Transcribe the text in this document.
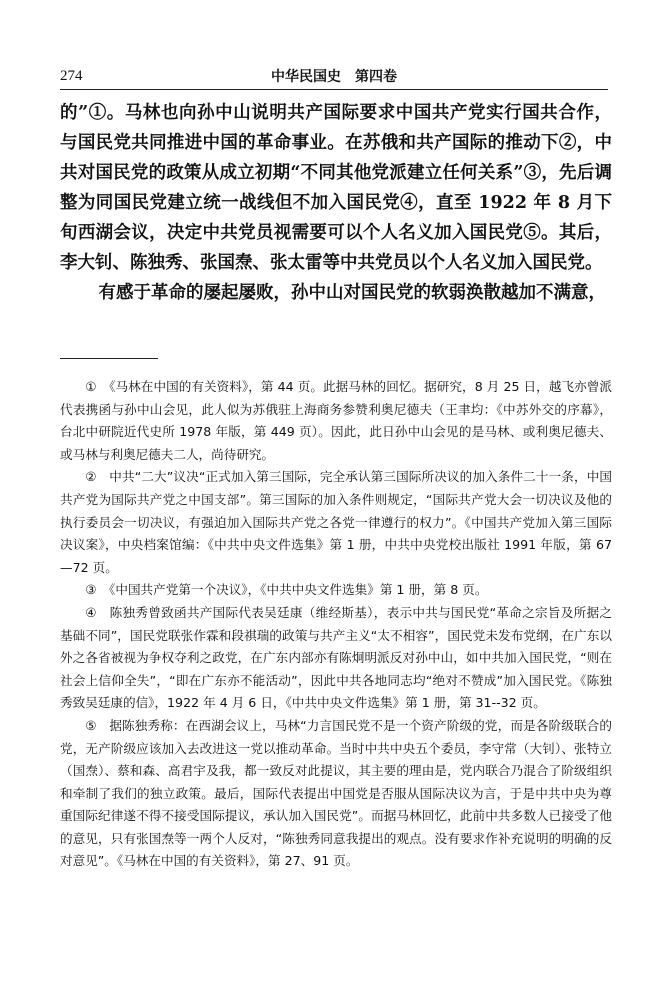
274	中华民国史　第四卷

的”①。马林也向孙中山说明共产国际要求中国共产党实行国共合作，与国民党共同推进中国的革命事业。在苏俄和共产国际的推动下②，中共对国民党的政策从成立初期“不同其他党派建立任何关系”③，先后调整为同国民党建立统一战线但不加入国民党④，直至 1922 年 8 月下旬西湖会议，决定中共党员视需要可以个人名义加入国民党⑤。其后，李大钊、陈独秀、张国焘、张太雷等中共党员以个人名义加入国民党。

有感于革命的屡起屡败，孙中山对国民党的软弱涣散越加不满意，

①　《马林在中国的有关资料》，第 44 页。此据马林的回忆。据研究，8 月 25 日，越飞亦曾派代表携函与孙中山会见，此人似为苏俄驻上海商务参赞利奥尼德夫（王聿均：《中苏外交的序幕》，台北中研院近代史所 1978 年版，第 449 页）。因此，此日孙中山会见的是马林、或利奥尼德夫、或马林与利奥尼德夫二人，尚待研究。

②　中共“二大”议决“正式加入第三国际，完全承认第三国际所决议的加入条件二十一条，中国共产党为国际共产党之中国支部”。第三国际的加入条件则规定，“国际共产党大会一切决议及他的执行委员会一切决议，有强迫加入国际共产党之各党一律遵行的权力”。《中国共产党加入第三国际决议案》，中央档案馆编：《中共中央文件选集》第 1 册，中共中央党校出版社 1991 年版，第 67—72 页。

③　《中国共产党第一个决议》，《中共中央文件选集》第 1 册，第 8 页。

④　陈独秀曾致函共产国际代表吴廷康（维经斯基），表示中共与国民党“革命之宗旨及所据之基础不同”，国民党联张作霖和段祺瑞的政策与共产主义“太不相容”，国民党未发布党纲，在广东以外之各省被视为争权夺利之政党，在广东内部亦有陈炯明派反对孙中山，如中共加入国民党，“则在社会上信仰全失”，“即在广东亦不能活动”，因此中共各地同志均“绝对不赞成”加入国民党。《陈独秀致吴廷康的信》，1922 年 4 月 6 日，《中共中央文件选集》第 1 册，第 31--32 页。

⑤　据陈独秀称：在西湖会议上，马林“力言国民党不是一个资产阶级的党，而是各阶级联合的党，无产阶级应该加入去改进这一党以推动革命。当时中共中央五个委员，李守常（大钊）、张特立（国焘）、蔡和森、高君宇及我，都一致反对此提议，其主要的理由是，党内联合乃混合了阶级组织和牵制了我们的独立政策。最后，国际代表提出中国党是否服从国际决议为言，于是中共中央为尊重国际纪律遂不得不接受国际提议，承认加入国民党”。而据马林回忆，此前中共多数人已接受了他的意见，只有张国焘等一两个人反对，“陈独秀同意我提出的观点。没有要求作补充说明的明确的反对意见”。《马林在中国的有关资料》，第 27、91 页。
